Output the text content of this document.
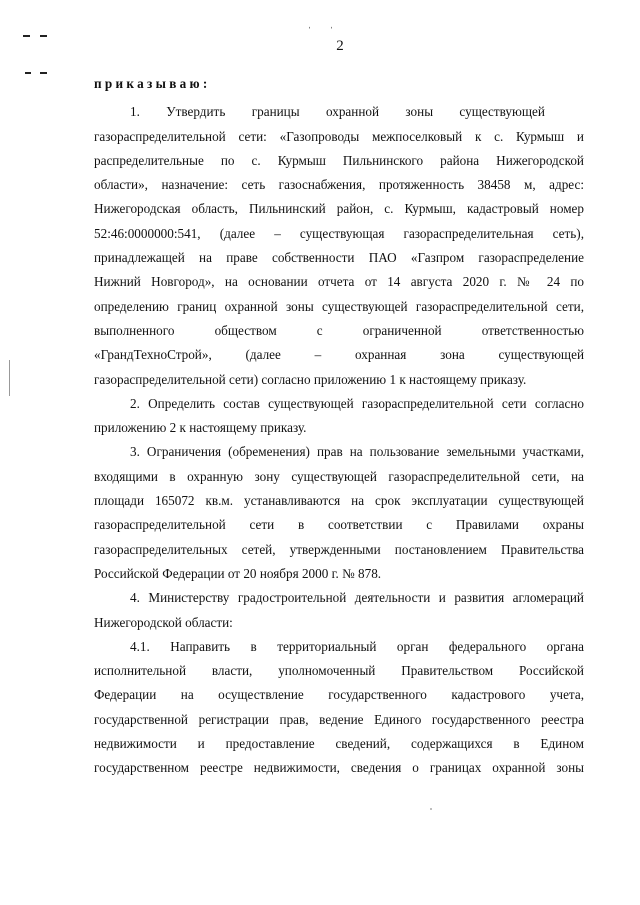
ˈ ˈ
2
приказываю:

1.  Утвердить  границы  охранной  зоны  существующей

газораспределительной сети: «Газопроводы межпоселковый к с. Курмыш и

распределительные по с. Курмыш Пильнинского района Нижегородской

области», назначение: сеть газоснабжения, протяженность 38458 м, адрес:

Нижегородская область, Пильнинский район, с. Курмыш, кадастровый номер

52:46:0000000:541, (далее – существующая газораспределительная сеть),

принадлежащей на праве собственности ПАО «Газпром газораспределение

Нижний Новгород», на основании отчета от 14 августа 2020 г. № 24 по

определению границ охранной зоны существующей газораспределительной сети,

выполненного обществом с ограниченной ответственностью

«ГрандТехноСтрой», (далее – охранная зона существующей

газораспределительной сети) согласно приложению 1 к настоящему приказу.

2. Определить состав существующей газораспределительной сети согласно

приложению 2 к настоящему приказу.

3. Ограничения (обременения) прав на пользование земельными участками,

входящими в охранную зону существующей газораспределительной сети, на

площади 165072 кв.м. устанавливаются на срок эксплуатации существующей

газораспределительной сети в соответствии с Правилами охраны

газораспределительных сетей, утвержденными постановлением Правительства

Российской Федерации от 20 ноября 2000 г. № 878.

4. Министерству градостроительной деятельности и развития агломераций

Нижегородской области:

4.1. Направить в территориальный орган федерального органа

исполнительной власти, уполномоченный Правительством Российской

Федерации на осуществление государственного кадастрового учета,

государственной регистрации прав, ведение Единого государственного реестра

недвижимости и предоставление сведений, содержащихся в Едином

государственном реестре недвижимости, сведения о границах охранной зоны
